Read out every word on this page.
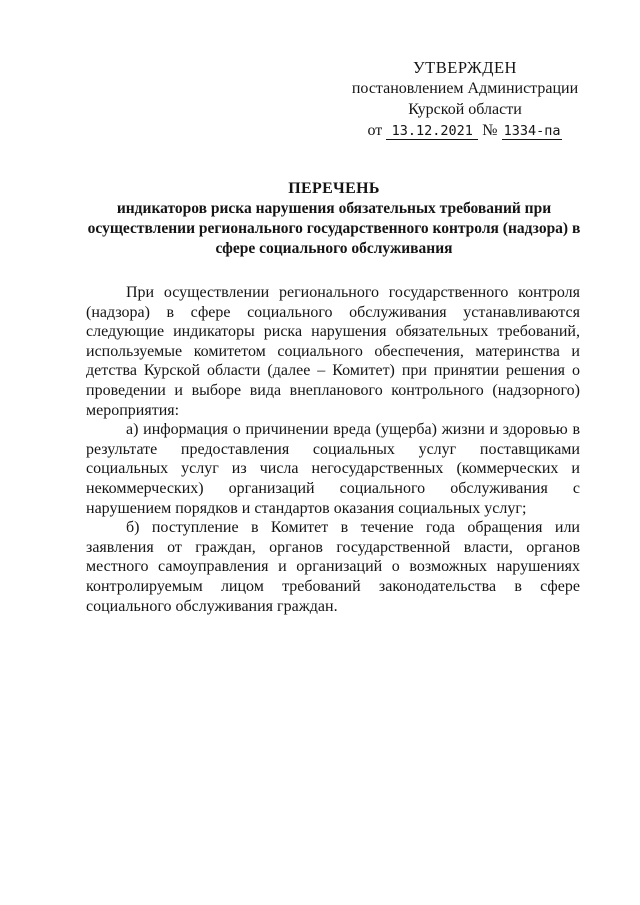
УТВЕРЖДЕН
постановлением Администрации
Курской области
от 13.12.2021 № 1334-па
ПЕРЕЧЕНЬ
индикаторов риска нарушения обязательных требований при осуществлении регионального государственного контроля (надзора) в сфере социального обслуживания

При осуществлении регионального государственного контроля (надзора) в сфере социального обслуживания устанавливаются следующие индикаторы риска нарушения обязательных требований, используемые комитетом социального обеспечения, материнства и детства Курской области (далее – Комитет) при принятии решения о проведении и выборе вида внепланового контрольного (надзорного) мероприятия:

а) информация о причинении вреда (ущерба) жизни и здоровью в результате предоставления социальных услуг поставщиками социальных услуг из числа негосударственных (коммерческих и некоммерческих) организаций социального обслуживания с нарушением порядков и стандартов оказания социальных услуг;

б) поступление в Комитет в течение года обращения или заявления от граждан, органов государственной власти, органов местного самоуправления и организаций о возможных нарушениях контролируемым лицом требований законодательства в сфере социального обслуживания граждан.
